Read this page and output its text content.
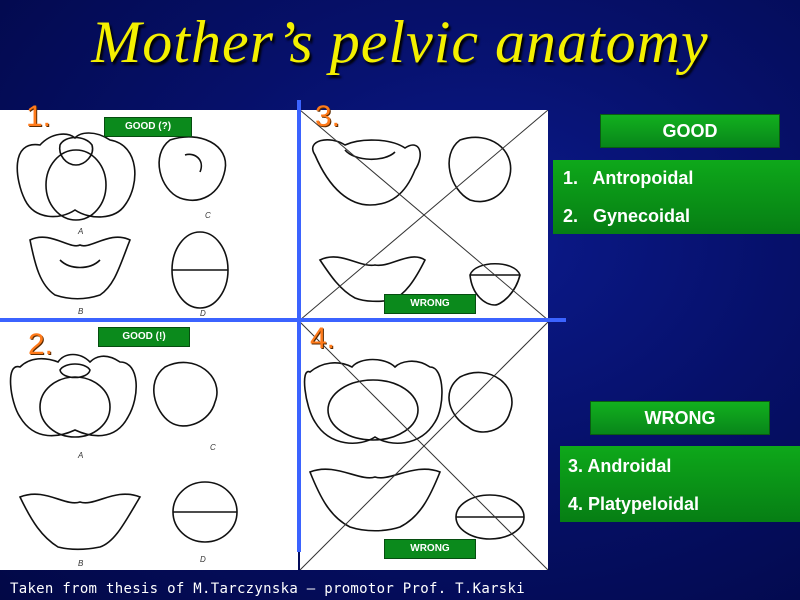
Mother’s pelvic anatomy
A
B
C
D
1.	GOOD (?)	3.
WRONG
A
B
C
D
2.	GOOD (!)	4.
WRONG
GOOD
1.   Antropoidal
2.   Gynecoidal
WRONG
3. Androidal
4. Platypeloidal
Taken from thesis of M.Tarczynska – promotor Prof. T.Karski
